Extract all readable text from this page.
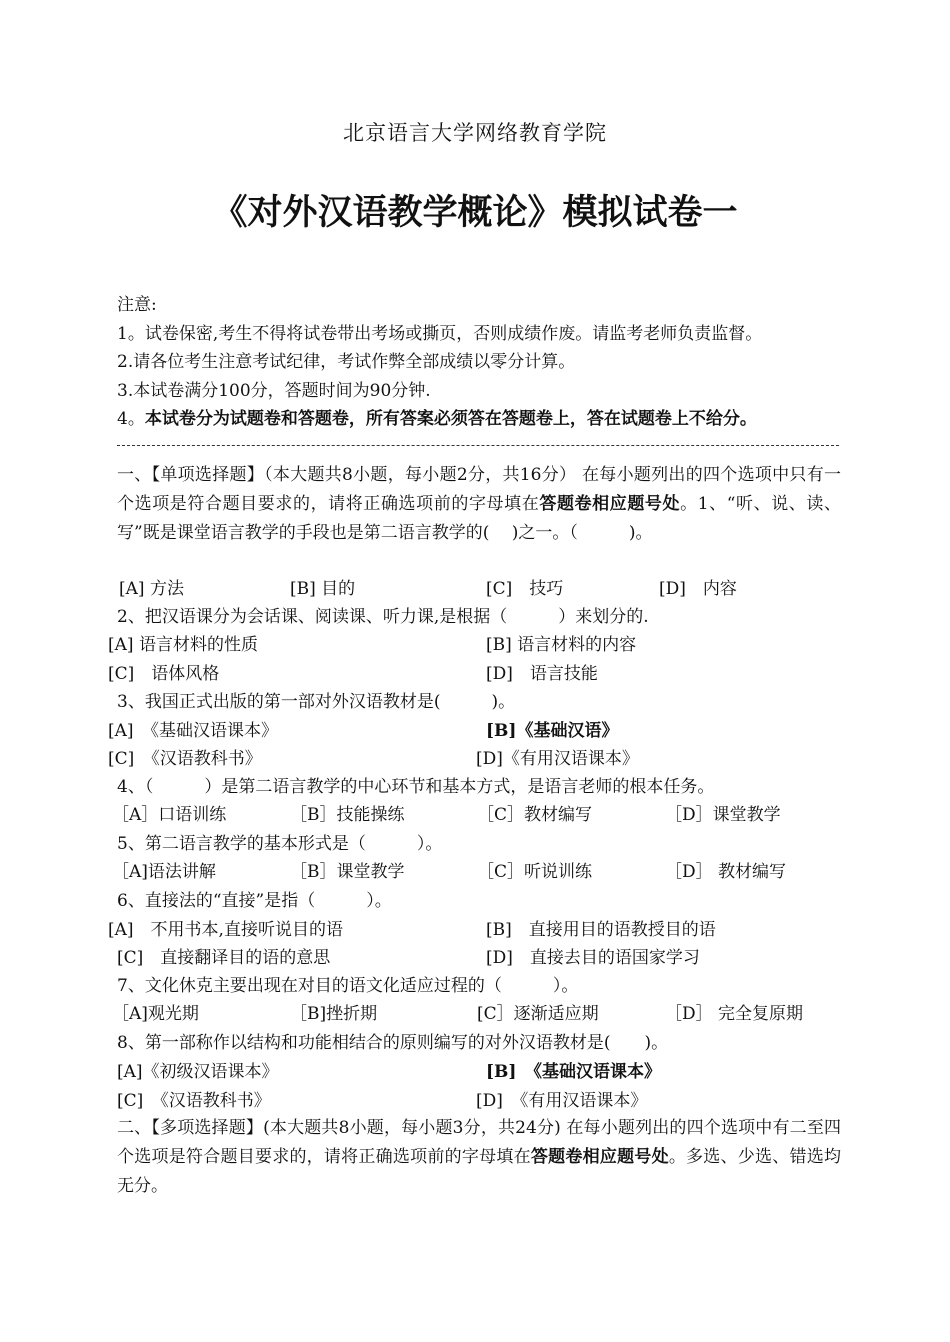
北京语言大学网络教育学院
《对外汉语教学概论》模拟试卷一
注意:
1。试卷保密,考生不得将试卷带出考场或撕页，否则成绩作废。请监考老师负责监督。
2.请各位考生注意考试纪律，考试作弊全部成绩以零分计算。
3.本试卷满分100分，答题时间为90分钟.
4。本试卷分为试题卷和答题卷，所有答案必须答在答题卷上，答在试题卷上不给分。
一、【单项选择题】（本大题共8小题，每小题2分，共16分） 在每小题列出的四个选项中只有一个选项是符合题目要求的，请将正确选项前的字母填在答题卷相应题号处。1、“听、说、读、写”既是课堂语言教学的手段也是第二语言教学的(　 )之一。（　　　)。
[A] 方法	[B] 目的	[C]　技巧	[D]　内容
2、把汉语课分为会话课、阅读课、听力课,是根据（　　　）来划分的.
[A] 语言材料的性质	[B] 语言材料的内容
[C]　语体风格	[D]　语言技能
3、我国正式出版的第一部对外汉语教材是(　　　)。
[A]　《基础汉语课本》	[B]《基础汉语》
[C]　《汉语教科书》	[D]《有用汉语课本》
4、（　　　）是第二语言教学的中心环节和基本方式，是语言老师的根本任务。
［A］口语训练	［B］技能操练	［C］教材编写	［D］课堂教学
5、第二语言教学的基本形式是（　　　）。
［A]语法讲解	［B］课堂教学	［C］听说训练	［D］ 教材编写
6、直接法的“直接”是指（　　　）。
[A]　不用书本,直接听说目的语	[B]　直接用目的语教授目的语
[C]　直接翻译目的语的意思	[D]　直接去目的语国家学习
7、文化休克主要出现在对目的语文化适应过程的（　　　）。
［A]观光期	［B]挫折期	[C］逐渐适应期	［D］ 完全复原期
8、第一部称作以结构和功能相结合的原则编写的对外汉语教材是(　　)。
[A]《初级汉语课本》	[B]　《基础汉语课本》
[C]　《汉语教科书》	[D]　《有用汉语课本》
二、【多项选择题】(本大题共8小题，每小题3分，共24分) 在每小题列出的四个选项中有二至四个选项是符合题目要求的，请将正确选项前的字母填在答题卷相应题号处。多选、少选、错选均无分。
